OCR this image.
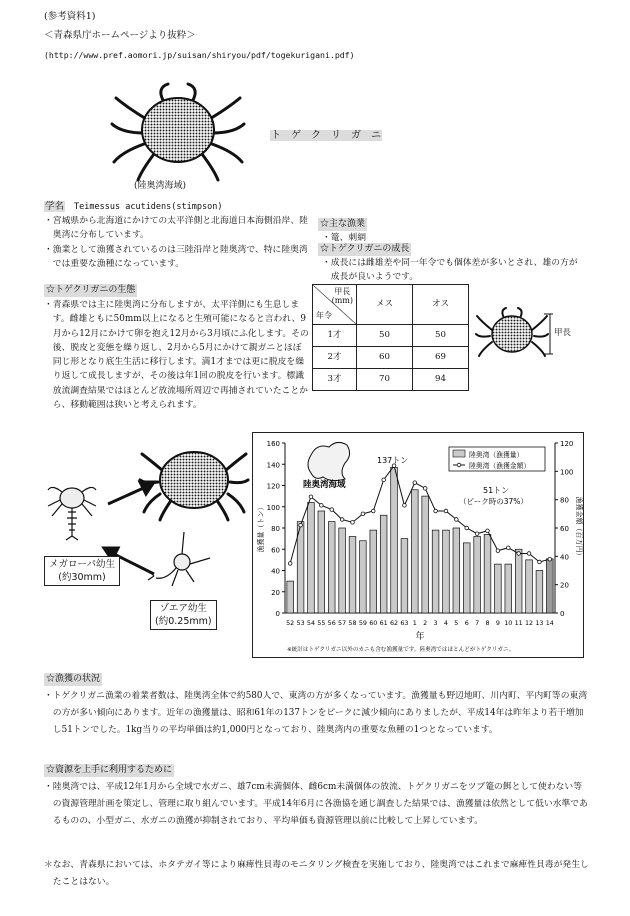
(参考資料1)
＜青森県庁ホームページより抜粋＞
(http://www.pref.aomori.jp/suisan/shiryou/pdf/togekurigani.pdf)
(陸奥湾海域)
ト　ゲ　ク　リ　ガ　ニ
学名 Teimessus acutidens(stimpson)
・宮城県から北海道にかけての太平洋側と北海道日本海側沿岸、陸奥湾に分布しています。
・漁業として漁獲されているのは三陸沿岸と陸奥湾で、特に陸奥湾では重要な漁種になっています。
☆トゲクリガニの生態
・青森県では主に陸奥湾に分布しますが、太平洋側にも生息します。雌雄ともに50mm以上になると生殖可能になると言われ、9月から12月にかけて卵を抱え12月から3月頃にふ化します。その後、脱皮と変態を繰り返し、2月から5月にかけて親ガニとほぼ同じ形となり底生生活に移行します。満1才までは更に脱皮を繰り返して成長しますが、その後は年1回の脱皮を行います。標識放流調査結果ではほとんど放流場所周辺で再捕されていたことから、移動範囲は狭いと考えられます。
☆主な漁業
・篭、刺網
☆トゲクリガニの成長
・成長には雌雄差や同一年令でも個体差が多いとされ、雄の方が成長が良いようです。
甲長
(mm)
年令	メス	オス
1才	50	50
2才	60	69
3才	70	94
甲長
メガローパ幼生
(約30mm)
ゾエア幼生
(約0.25mm)
0
20
40
60
80
100
120
140
160
0
20
40
60
80
100
120
52 53 54 55 56 57 58 59 60 61 62 63 1 2 3 4 5 6 7 8 9 10 11 12 13 14
年
漁獲量（トン）	漁獲金額（百万円）
陸奥湾（漁獲量）
陸奥湾（漁獲金額）
陸奥湾海域
137トン
51トン
（ピーク時の37%）
※統計はトゲクリガニ以外のカニも含む漁獲量です。陸奥湾ではほとんどがトゲクリガニ。
☆漁獲の状況
・トゲクリガニ漁業の着業者数は、陸奥湾全体で約580人で、東湾の方が多くなっています。漁獲量も野辺地町、川内町、平内町等の東湾の方が多い傾向にあります。近年の漁獲量は、昭和61年の137トンをピークに減少傾向にありましたが、平成14年は昨年より若干増加し51トンでした。1kg当りの平均単価は約1,000円となっており、陸奥湾内の重要な魚種の1つとなっています。
☆資源を上手に利用するために
・陸奥湾では、平成12年1月から全域で水ガニ、雄7cm未満個体、雌6cm未満個体の放流、トゲクリガニをツブ篭の餌として使わない等の資源管理計画を策定し、管理に取り組んでいます。平成14年6月に各漁協を通じ調査した結果では、漁獲量は依然として低い水準であるものの、小型ガニ、水ガニの漁獲が抑制されており、平均単価も資源管理以前に比較して上昇しています。
＊なお、青森県においては、ホタテガイ等により麻痺性貝毒のモニタリング検査を実施しており、陸奥湾ではこれまで麻痺性貝毒が発生したことはない。
